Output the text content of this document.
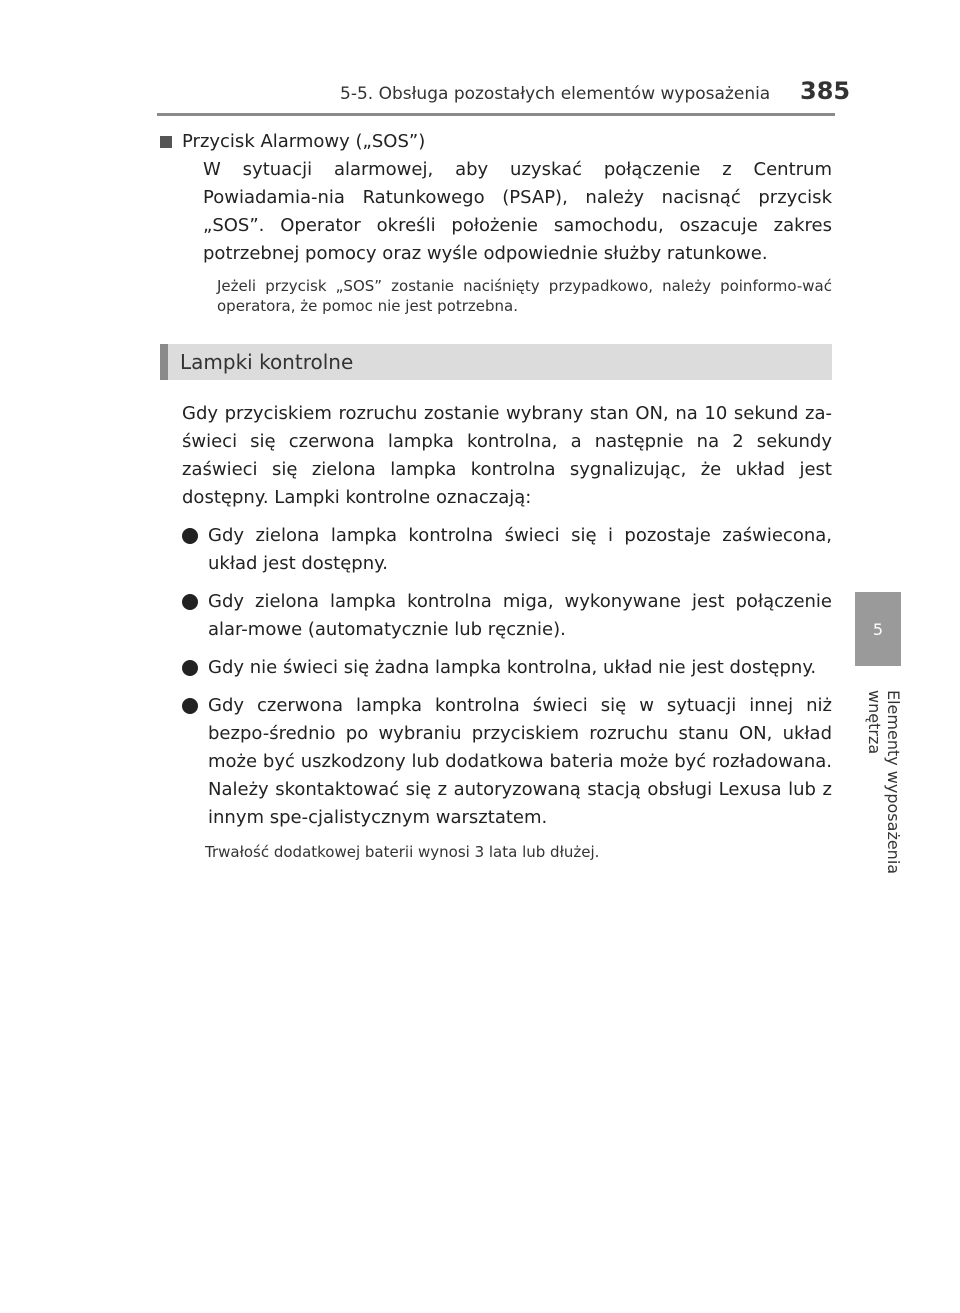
5-5. Obsługa pozostałych elementów wyposażenia 385
5
Elementy wyposażenia wnętrza
Przycisk Alarmowy („SOS”)
W sytuacji alarmowej, aby uzyskać połączenie z Centrum Powiadamia-nia Ratunkowego (PSAP), należy nacisnąć przycisk „SOS”. Operator określi położenie samochodu, oszacuje zakres potrzebnej pomocy oraz wyśle odpowiednie służby ratunkowe.
Jeżeli przycisk „SOS” zostanie naciśnięty przypadkowo, należy poinformo-wać operatora, że pomoc nie jest potrzebna.
Lampki kontrolne
Gdy przyciskiem rozruchu zostanie wybrany stan ON, na 10 sekund za-świeci się czerwona lampka kontrolna, a następnie na 2 sekundy zaświeci się zielona lampka kontrolna sygnalizując, że układ jest dostępny. Lampki kontrolne oznaczają:
Gdy zielona lampka kontrolna świeci się i pozostaje zaświecona, układ jest dostępny.
Gdy zielona lampka kontrolna miga, wykonywane jest połączenie alar-mowe (automatycznie lub ręcznie).
Gdy nie świeci się żadna lampka kontrolna, układ nie jest dostępny.
Gdy czerwona lampka kontrolna świeci się w sytuacji innej niż bezpo-średnio po wybraniu przyciskiem rozruchu stanu ON, układ może być uszkodzony lub dodatkowa bateria może być rozładowana. Należy skontaktować się z autoryzowaną stacją obsługi Lexusa lub z innym spe-cjalistycznym warsztatem.
Trwałość dodatkowej baterii wynosi 3 lata lub dłużej.
